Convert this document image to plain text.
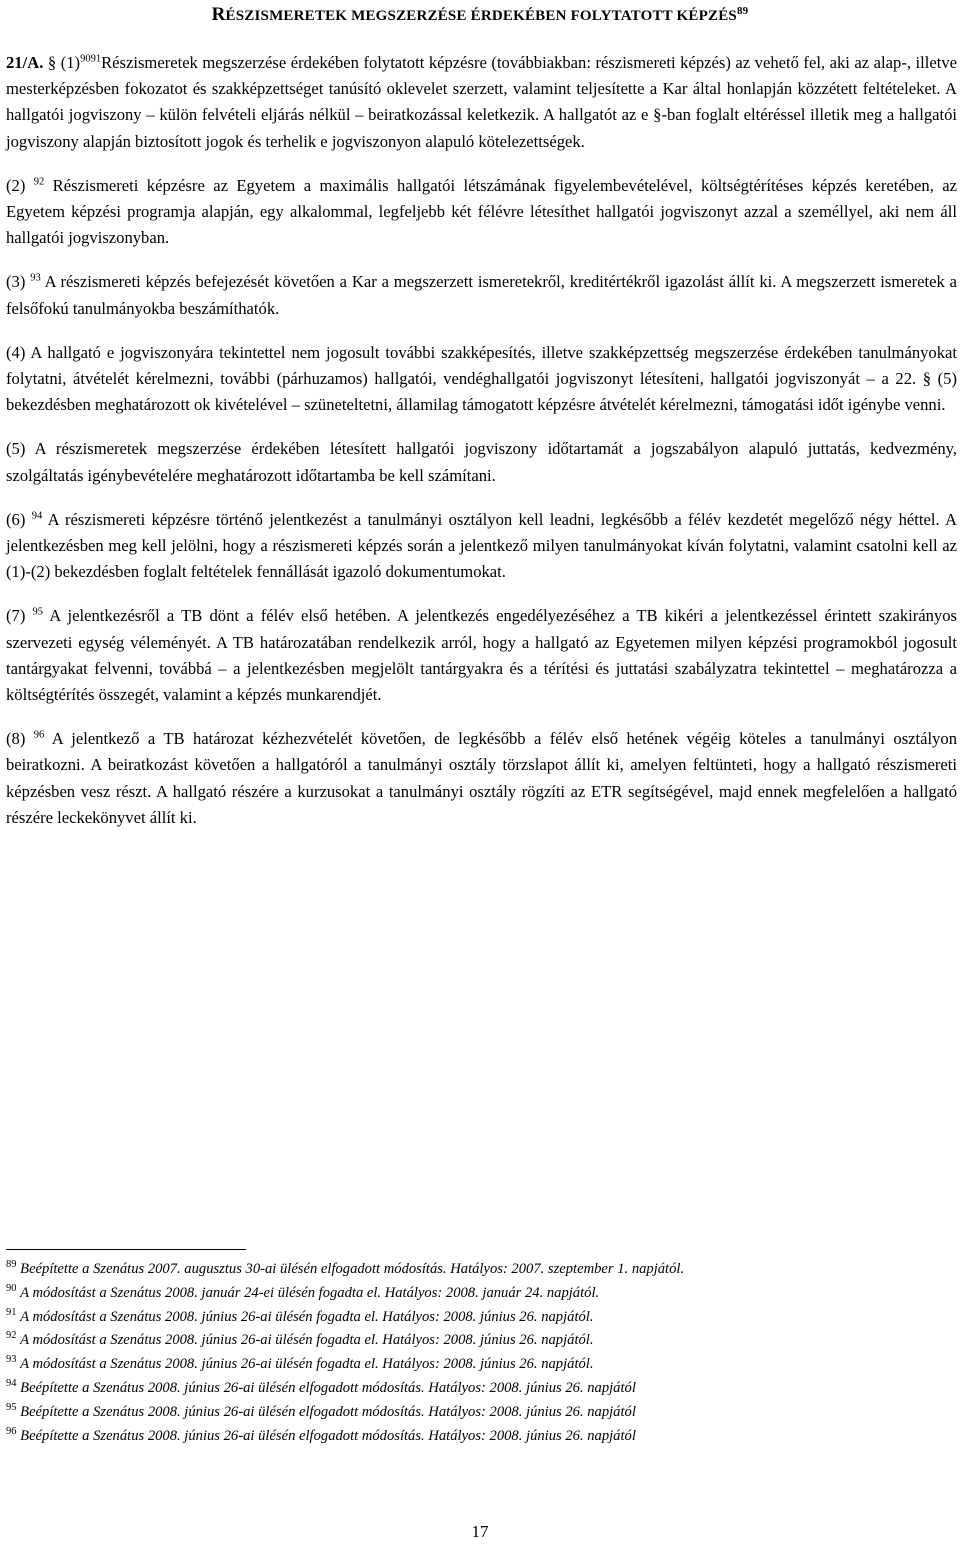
RÉSZISMERETEK MEGSZERZÉSE ÉRDEKÉBEN FOLYTATOTT KÉPZÉS$^{89}$

21/A. § $(1)^{9091}Részismeretek$ megszerzése érdekében folytatott képzésre (továbbiakban: részismereti képzés) az vehető fel, aki az alap-, illetve mesterképzésben fokozatot és szakképzettséget tanúsító oklevelet szerzett, valamint teljesítette a Kar által honlapján közzétett feltételeket. A hallgatói jogviszony – külön felvételi eljárás nélkül – beiratkozással keletkezik. A hallgatót az e §-ban foglalt eltéréssel illetik meg a hallgatói jogviszony alapján biztosított jogok és terhelik e jogviszonyon alapuló kötelezettségek.

(2) $^{92}$ Részismereti képzésre az Egyetem a maximális hallgatói létszámának figyelembevételével, költségtérítéses képzés keretében, az Egyetem képzési programja alapján, egy alkalommal, legfeljebb két félévre létesíthet hallgatói jogviszonyt azzal a személlyel, aki nem áll hallgatói jogviszonyban.

(3) $^{93}$ A részismereti képzés befejezését követően a Kar a megszerzett ismeretekről, kreditértékről igazolást állít ki. A megszerzett ismeretek a felsőfokú tanulmányokba beszámíthatók.

(4) A hallgató e jogviszonyára tekintettel nem jogosult további szakképesítés, illetve szakképzettség megszerzése érdekében tanulmányokat folytatni, átvételét kérelmezni, további (párhuzamos) hallgatói, vendéghallgatói jogviszonyt létesíteni, hallgatói jogviszonyát – a 22. § (5) bekezdésben meghatározott ok kivételével – szüneteltetni, államilag támogatott képzésre átvételét kérelmezni, támogatási időt igénybe venni.

(5) A részismeretek megszerzése érdekében létesített hallgatói jogviszony időtartamát a jogszabályon alapuló juttatás, kedvezmény, szolgáltatás igénybevételére meghatározott időtartamba be kell számítani.

(6) $^{94}$ A részismereti képzésre történő jelentkezést a tanulmányi osztályon kell leadni, legkésőbb a félév kezdetét megelőző négy héttel. A jelentkezésben meg kell jelölni, hogy a részismereti képzés során a jelentkező milyen tanulmányokat kíván folytatni, valamint csatolni kell az (1)-(2) bekezdésben foglalt feltételek fennállását igazoló dokumentumokat.

(7) $^{95}$ A jelentkezésről a TB dönt a félév első hetében. A jelentkezés engedélyezéséhez a TB kikéri a jelentkezéssel érintett szakirányos szervezeti egység véleményét. A TB határozatában rendelkezik arról, hogy a hallgató az Egyetemen milyen képzési programokból jogosult tantárgyakat felvenni, továbbá – a jelentkezésben megjelölt tantárgyakra és a térítési és juttatási szabályzatra tekintettel – meghatározza a költségtérítés összegét, valamint a képzés munkarendjét.

(8) $^{96}$ A jelentkező a TB határozat kézhezvételét követően, de legkésőbb a félév első hetének végéig köteles a tanulmányi osztályon beiratkozni. A beiratkozást követően a hallgatóról a tanulmányi osztály törzslapot állít ki, amelyen feltünteti, hogy a hallgató részismereti képzésben vesz részt. A hallgató részére a kurzusokat a tanulmányi osztály rögzíti az ETR segítségével, majd ennek megfelelően a hallgató részére leckekönyvet állít ki.

$^{89}$ Beépítette a Szenátus 2007. augusztus 30-ai ülésén elfogadott módosítás. Hatályos: 2007. szeptember 1. napjától.
$^{90}$ A módosítást a Szenátus 2008. január 24-ei ülésén fogadta el. Hatályos: 2008. január 24. napjától.
$^{91}$ A módosítást a Szenátus 2008. június 26-ai ülésén fogadta el. Hatályos: 2008. június 26. napjától.
$^{92}$ A módosítást a Szenátus 2008. június 26-ai ülésén fogadta el. Hatályos: 2008. június 26. napjától.
$^{93}$ A módosítást a Szenátus 2008. június 26-ai ülésén fogadta el. Hatályos: 2008. június 26. napjától.
$^{94}$ Beépítette a Szenátus 2008. június 26-ai ülésén elfogadott módosítás. Hatályos: 2008. június 26. napjától
$^{95}$ Beépítette a Szenátus 2008. június 26-ai ülésén elfogadott módosítás. Hatályos: 2008. június 26. napjától
$^{96}$ Beépítette a Szenátus 2008. június 26-ai ülésén elfogadott módosítás. Hatályos: 2008. június 26. napjától
17
